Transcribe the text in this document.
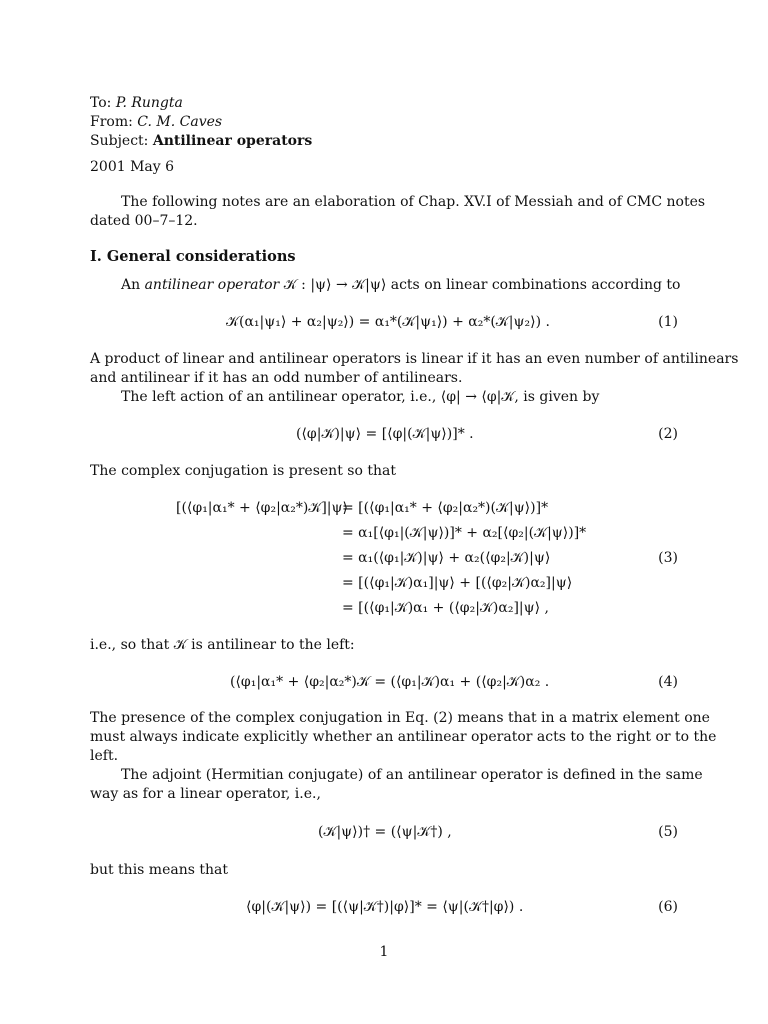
To: P. Rungta
From: C. M. Caves
Subject: Antilinear operators
2001 May 6
The following notes are an elaboration of Chap. XV.I of Messiah and of CMC notes
dated 00–7–12.
I. General considerations
An antilinear operator 𝒦 : |ψ⟩ → 𝒦|ψ⟩ acts on linear combinations according to
𝒦(α₁|ψ₁⟩ + α₂|ψ₂⟩) = α₁*(𝒦|ψ₁⟩) + α₂*(𝒦|ψ₂⟩) .	(1)
A product of linear and antilinear operators is linear if it has an even number of antilinears
and antilinear if it has an odd number of antilinears.
The left action of an antilinear operator, i.e., ⟨φ| → ⟨φ|𝒦, is given by
(⟨φ|𝒦)|ψ⟩ = [⟨φ|(𝒦|ψ⟩)]* .	(2)
The complex conjugation is present so that
[(⟨φ₁|α₁* + ⟨φ₂|α₂*)𝒦]|ψ⟩
= [(⟨φ₁|α₁* + ⟨φ₂|α₂*)(𝒦|ψ⟩)]*
= α₁[⟨φ₁|(𝒦|ψ⟩)]* + α₂[⟨φ₂|(𝒦|ψ⟩)]*
= α₁(⟨φ₁|𝒦)|ψ⟩ + α₂(⟨φ₂|𝒦)|ψ⟩
= [(⟨φ₁|𝒦)α₁]|ψ⟩ + [(⟨φ₂|𝒦)α₂]|ψ⟩
= [(⟨φ₁|𝒦)α₁ + (⟨φ₂|𝒦)α₂]|ψ⟩ ,
(3)
i.e., so that 𝒦 is antilinear to the left:
(⟨φ₁|α₁* + ⟨φ₂|α₂*)𝒦 = (⟨φ₁|𝒦)α₁ + (⟨φ₂|𝒦)α₂ .	(4)
The presence of the complex conjugation in Eq. (2) means that in a matrix element one
must always indicate explicitly whether an antilinear operator acts to the right or to the
left.
The adjoint (Hermitian conjugate) of an antilinear operator is defined in the same
way as for a linear operator, i.e.,
(𝒦|ψ⟩)† = (⟨ψ|𝒦†) ,	(5)
but this means that
⟨φ|(𝒦|ψ⟩) = [(⟨ψ|𝒦†)|φ⟩]* = ⟨ψ|(𝒦†|φ⟩) .	(6)
1
